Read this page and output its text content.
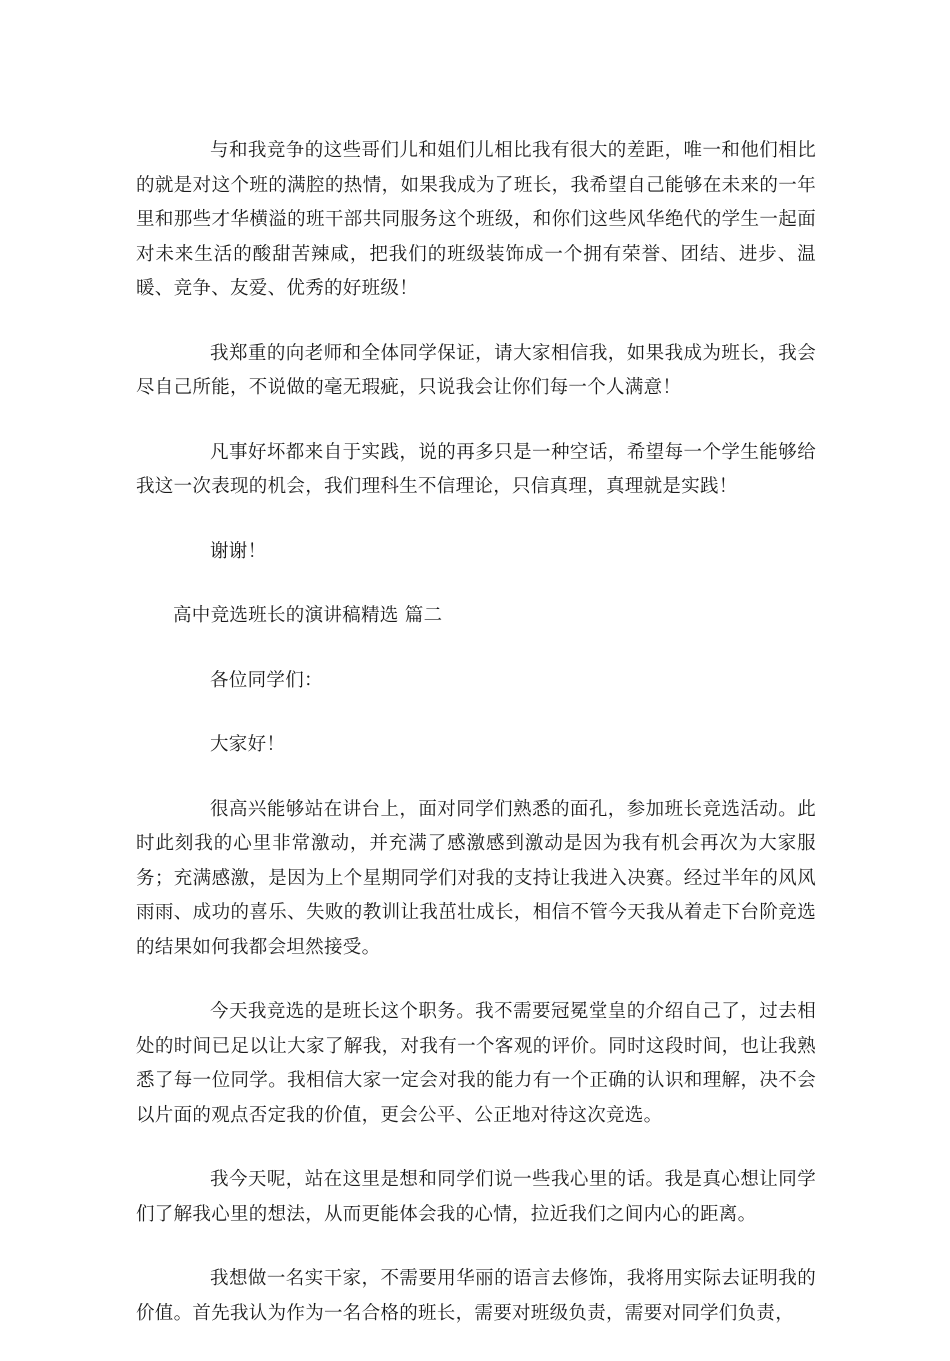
与和我竞争的这些哥们儿和姐们儿相比我有很大的差距，唯一和他们相比的就是对这个班的满腔的热情，如果我成为了班长，我希望自己能够在未来的一年里和那些才华横溢的班干部共同服务这个班级，和你们这些风华绝代的学生一起面对未来生活的酸甜苦辣咸，把我们的班级装饰成一个拥有荣誉、团结、进步、温暖、竞争、友爱、优秀的好班级！

我郑重的向老师和全体同学保证，请大家相信我，如果我成为班长，我会尽自己所能，不说做的毫无瑕疵，只说我会让你们每一个人满意！

凡事好坏都来自于实践，说的再多只是一种空话，希望每一个学生能够给我这一次表现的机会，我们理科生不信理论，只信真理，真理就是实践！

谢谢！

高中竞选班长的演讲稿精选 篇二

各位同学们：

大家好！

很高兴能够站在讲台上，面对同学们熟悉的面孔，参加班长竞选活动。此时此刻我的心里非常激动，并充满了感激感到激动是因为我有机会再次为大家服务；充满感激，是因为上个星期同学们对我的支持让我进入决赛。经过半年的风风雨雨、成功的喜乐、失败的教训让我茁壮成长，相信不管今天我从着走下台阶竞选的结果如何我都会坦然接受。

今天我竞选的是班长这个职务。我不需要冠冕堂皇的介绍自己了，过去相处的时间已足以让大家了解我，对我有一个客观的评价。同时这段时间，也让我熟悉了每一位同学。我相信大家一定会对我的能力有一个正确的认识和理解，决不会以片面的观点否定我的价值，更会公平、公正地对待这次竞选。

我今天呢，站在这里是想和同学们说一些我心里的话。我是真心想让同学们了解我心里的想法，从而更能体会我的心情，拉近我们之间内心的距离。

我想做一名实干家，不需要用华丽的语言去修饰，我将用实际去证明我的价值。首先我认为作为一名合格的班长，需要对班级负责，需要对同学们负责，
